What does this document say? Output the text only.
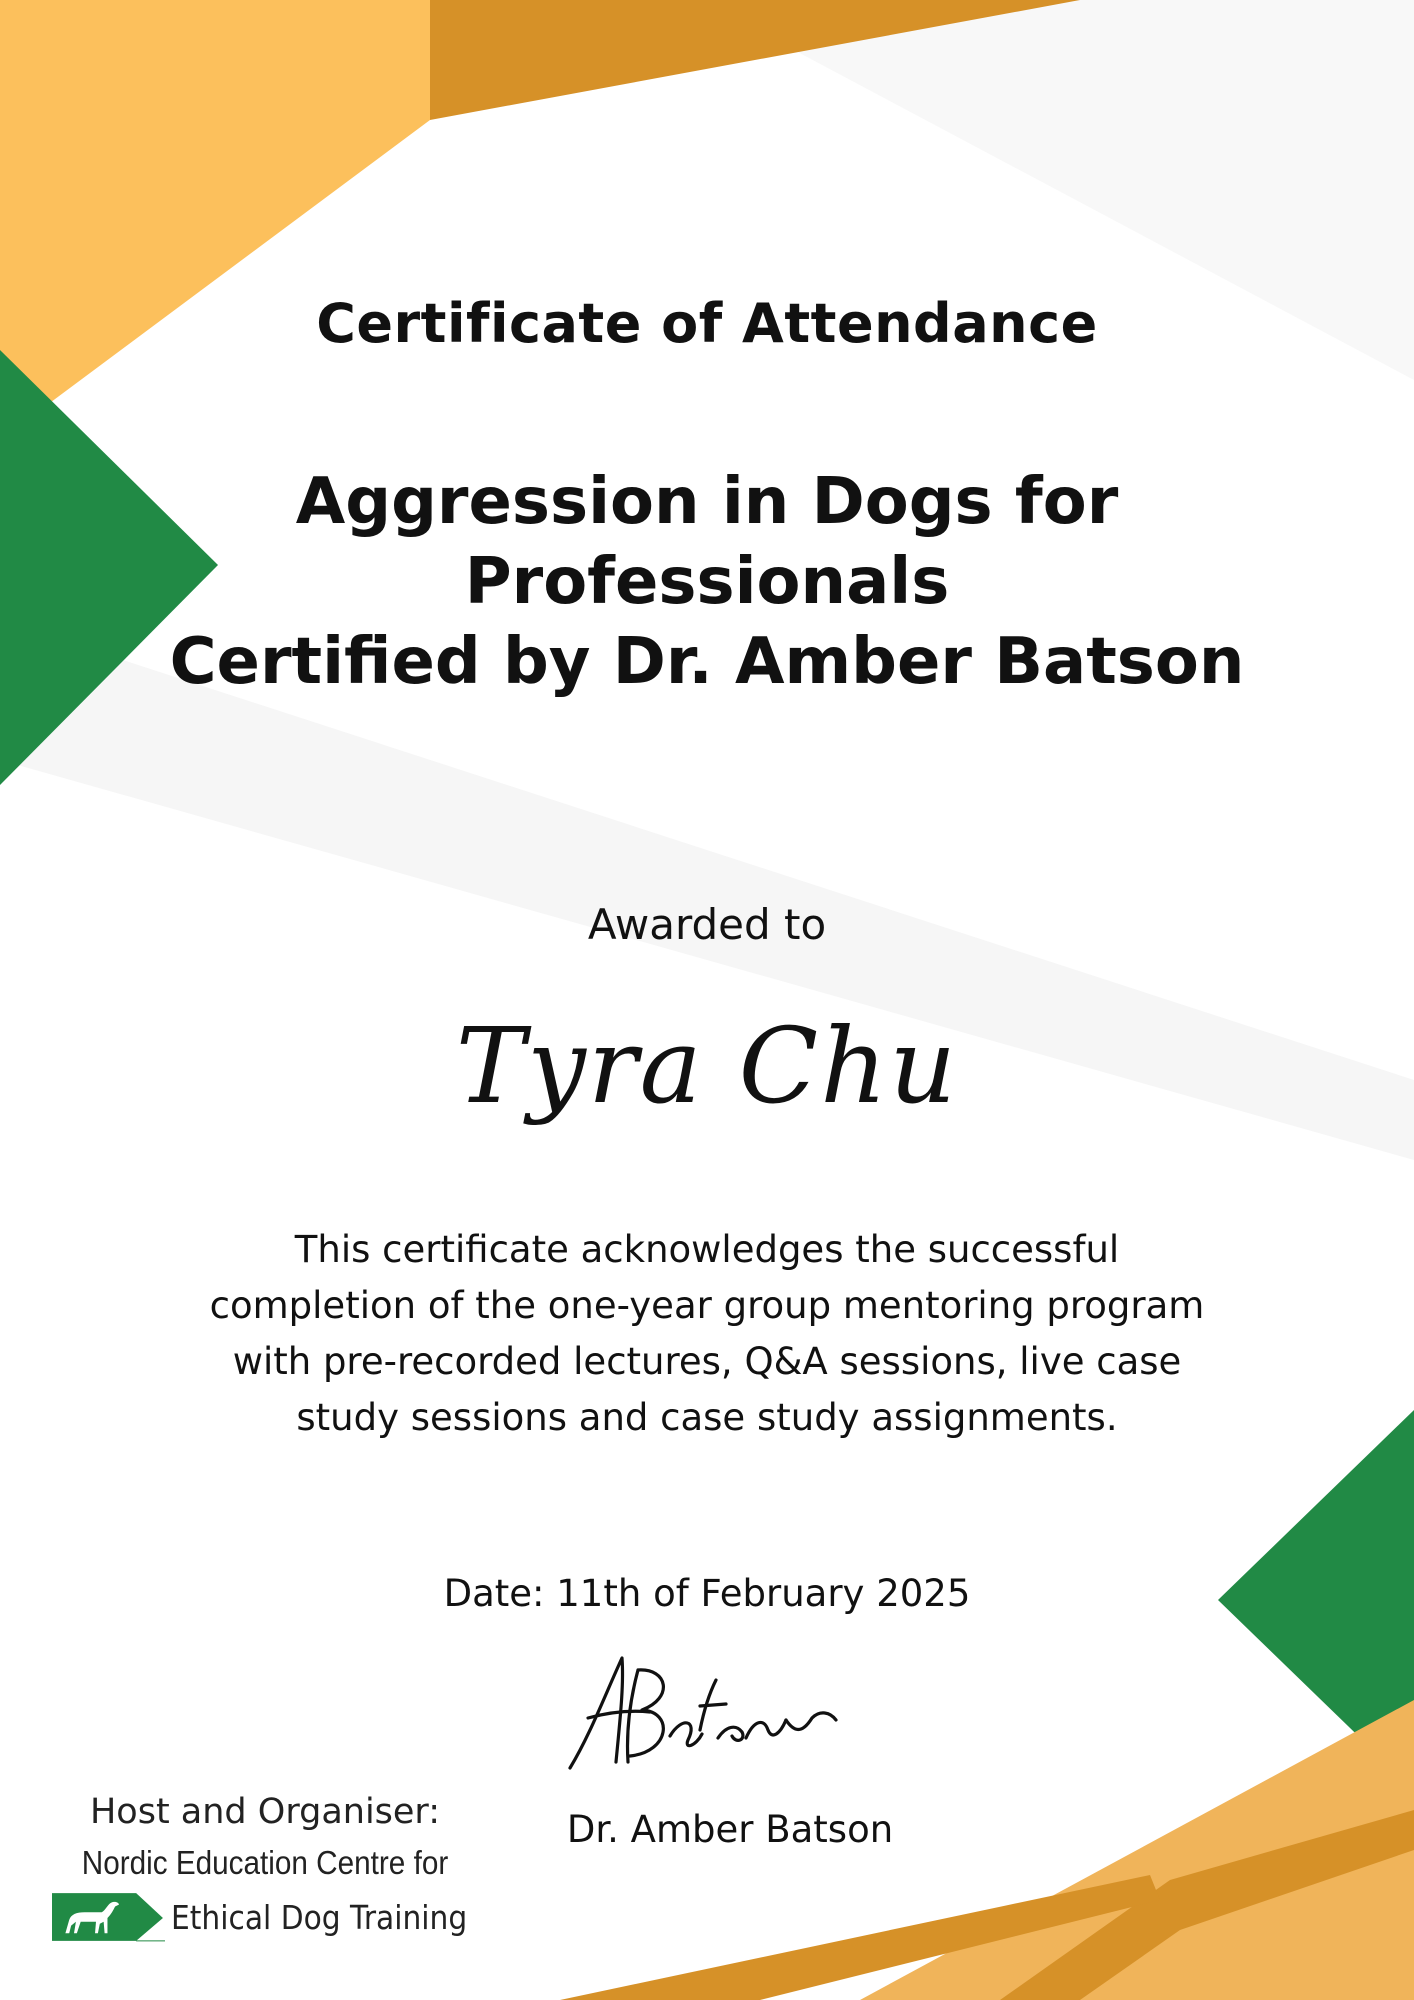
Certificate of Attendance
Aggression in Dogs for
Professionals
Certified by Dr. Amber Batson
Awarded to
Tyra Chu
This certificate acknowledges the successful
completion of the one-year group mentoring program
with pre-recorded lectures, Q&A sessions, live case
study sessions and case study assignments.
Date: 11th of February 2025
Dr. Amber Batson
Host and Organiser:
Nordic Education Centre for
Ethical Dog Training
